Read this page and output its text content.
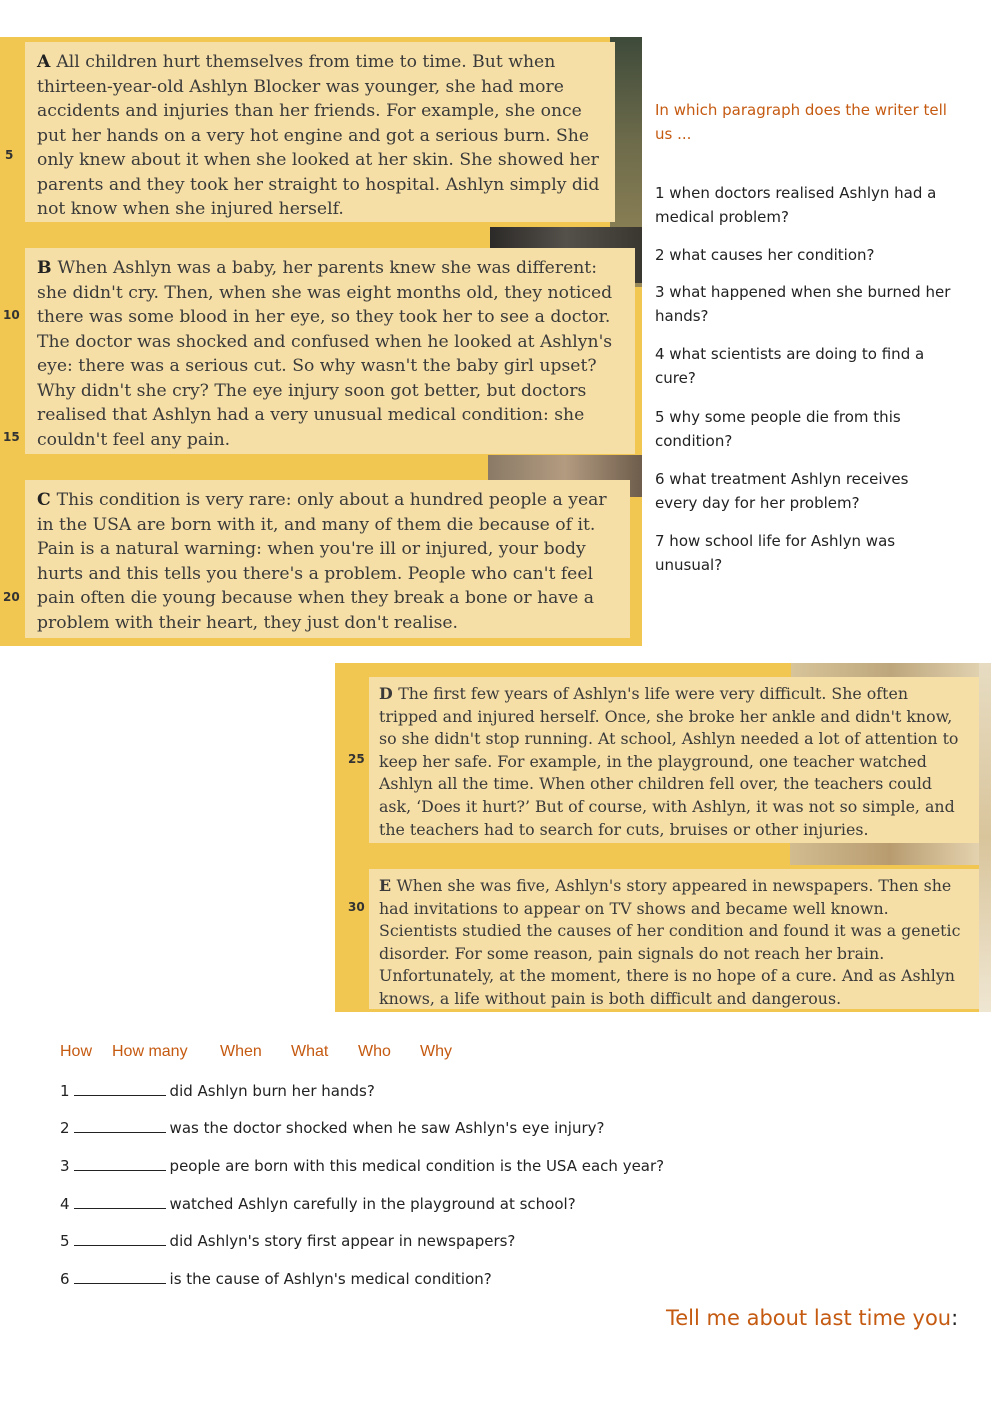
A All children hurt themselves from time to time. But when thirteen-year-old Ashlyn Blocker was younger, she had more accidents and injuries than her friends. For example, she once put her hands on a very hot engine and got a serious burn. She only knew about it when she looked at her skin. She showed her parents and they took her straight to hospital. Ashlyn simply did not know when she injured herself.
B When Ashlyn was a baby, her parents knew she was different: she didn't cry. Then, when she was eight months old, they noticed there was some blood in her eye, so they took her to see a doctor. The doctor was shocked and confused when he looked at Ashlyn's eye: there was a serious cut. So why wasn't the baby girl upset? Why didn't she cry? The eye injury soon got better, but doctors realised that Ashlyn had a very unusual medical condition: she couldn't feel any pain.
C This condition is very rare: only about a hundred people a year in the USA are born with it, and many of them die because of it. Pain is a natural warning: when you're ill or injured, your body hurts and this tells you there's a problem. People who can't feel pain often die young because when they break a bone or have a problem with their heart, they just don't realise.
5
10
15
20
In which paragraph does the writer tell us ...
1 when doctors realised Ashlyn had a medical problem?
2 what causes her condition?
3 what happened when she burned her hands?
4 what scientists are doing to find a cure?
5 why some people die from this condition?
6 what treatment Ashlyn receives every day for her problem?
7 how school life for Ashlyn was unusual?
D The first few years of Ashlyn's life were very difficult. She often tripped and injured herself. Once, she broke her ankle and didn't know, so she didn't stop running. At school, Ashlyn needed a lot of attention to keep her safe. For example, in the playground, one teacher watched Ashlyn all the time. When other children fell over, the teachers could ask, ‘Does it hurt?’ But of course, with Ashlyn, it was not so simple, and the teachers had to search for cuts, bruises or other injuries.
E When she was five, Ashlyn's story appeared in newspapers. Then she had invitations to appear on TV shows and became well known. Scientists studied the causes of her condition and found it was a genetic disorder. For some reason, pain signals do not reach her brain. Unfortunately, at the moment, there is no hope of a cure. And as Ashlyn knows, a life without pain is both difficult and dangerous.
25
30
How	How many	When	What	Who	Why
1	did Ashlyn burn her hands?
2	was the doctor shocked when he saw Ashlyn's eye injury?
3	people are born with this medical condition is the USA each year?
4	watched Ashlyn carefully in the playground at school?
5	did Ashlyn's story first appear in newspapers?
6	is the cause of Ashlyn's medical condition?
Tell me about last time you:
